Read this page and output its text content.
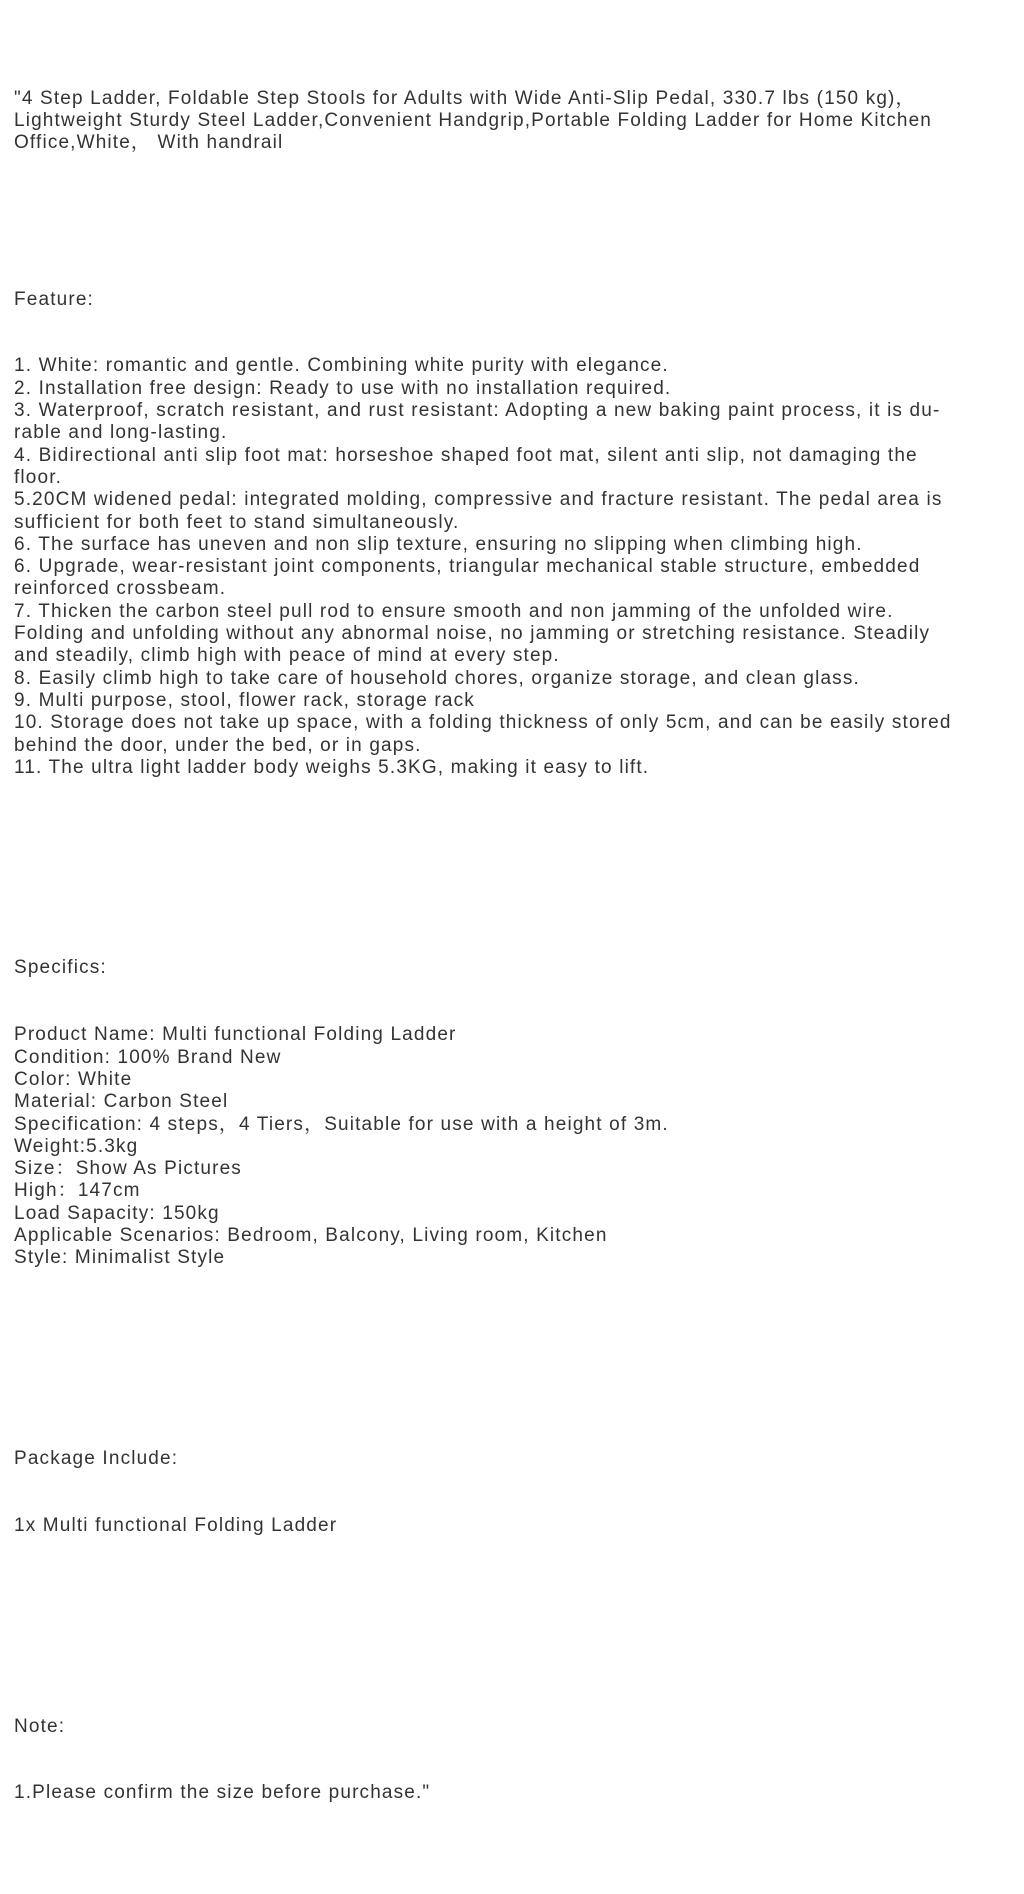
"4 Step Ladder, Foldable Step Stools for Adults with Wide Anti-Slip Pedal, 330.7 lbs (150 kg)，
Lightweight Sturdy Steel Ladder,Convenient Handgrip,Portable Folding Ladder for Home Kitchen
Office,White， With handrail

Feature:

1. White: romantic and gentle. Combining white purity with elegance.
2. Installation free design: Ready to use with no installation required.
3. Waterproof, scratch resistant, and rust resistant: Adopting a new baking paint process, it is du-
rable and long-lasting.
4. Bidirectional anti slip foot mat: horseshoe shaped foot mat, silent anti slip, not damaging the
floor.
5.20CM widened pedal: integrated molding, compressive and fracture resistant. The pedal area is
sufficient for both feet to stand simultaneously.
6. The surface has uneven and non slip texture, ensuring no slipping when climbing high.
6. Upgrade, wear-resistant joint components, triangular mechanical stable structure, embedded
reinforced crossbeam.
7. Thicken the carbon steel pull rod to ensure smooth and non jamming of the unfolded wire.
Folding and unfolding without any abnormal noise, no jamming or stretching resistance. Steadily
and steadily, climb high with peace of mind at every step.
8. Easily climb high to take care of household chores, organize storage, and clean glass.
9. Multi purpose, stool, flower rack, storage rack
10. Storage does not take up space, with a folding thickness of only 5cm, and can be easily stored
behind the door, under the bed, or in gaps.
11. The ultra light ladder body weighs 5.3KG, making it easy to lift.

Specifics:

Product Name: Multi functional Folding Ladder
Condition: 100% Brand New
Color: White
Material: Carbon Steel
Specification: 4 steps，4 Tiers，Suitable for use with a height of 3m.
Weight:5.3kg
Size：Show As Pictures
High：147cm
Load Sapacity: 150kg
Applicable Scenarios: Bedroom, Balcony, Living room, Kitchen
Style: Minimalist Style

Package Include:

1x Multi functional Folding Ladder

Note:

1.Please confirm the size before purchase."
